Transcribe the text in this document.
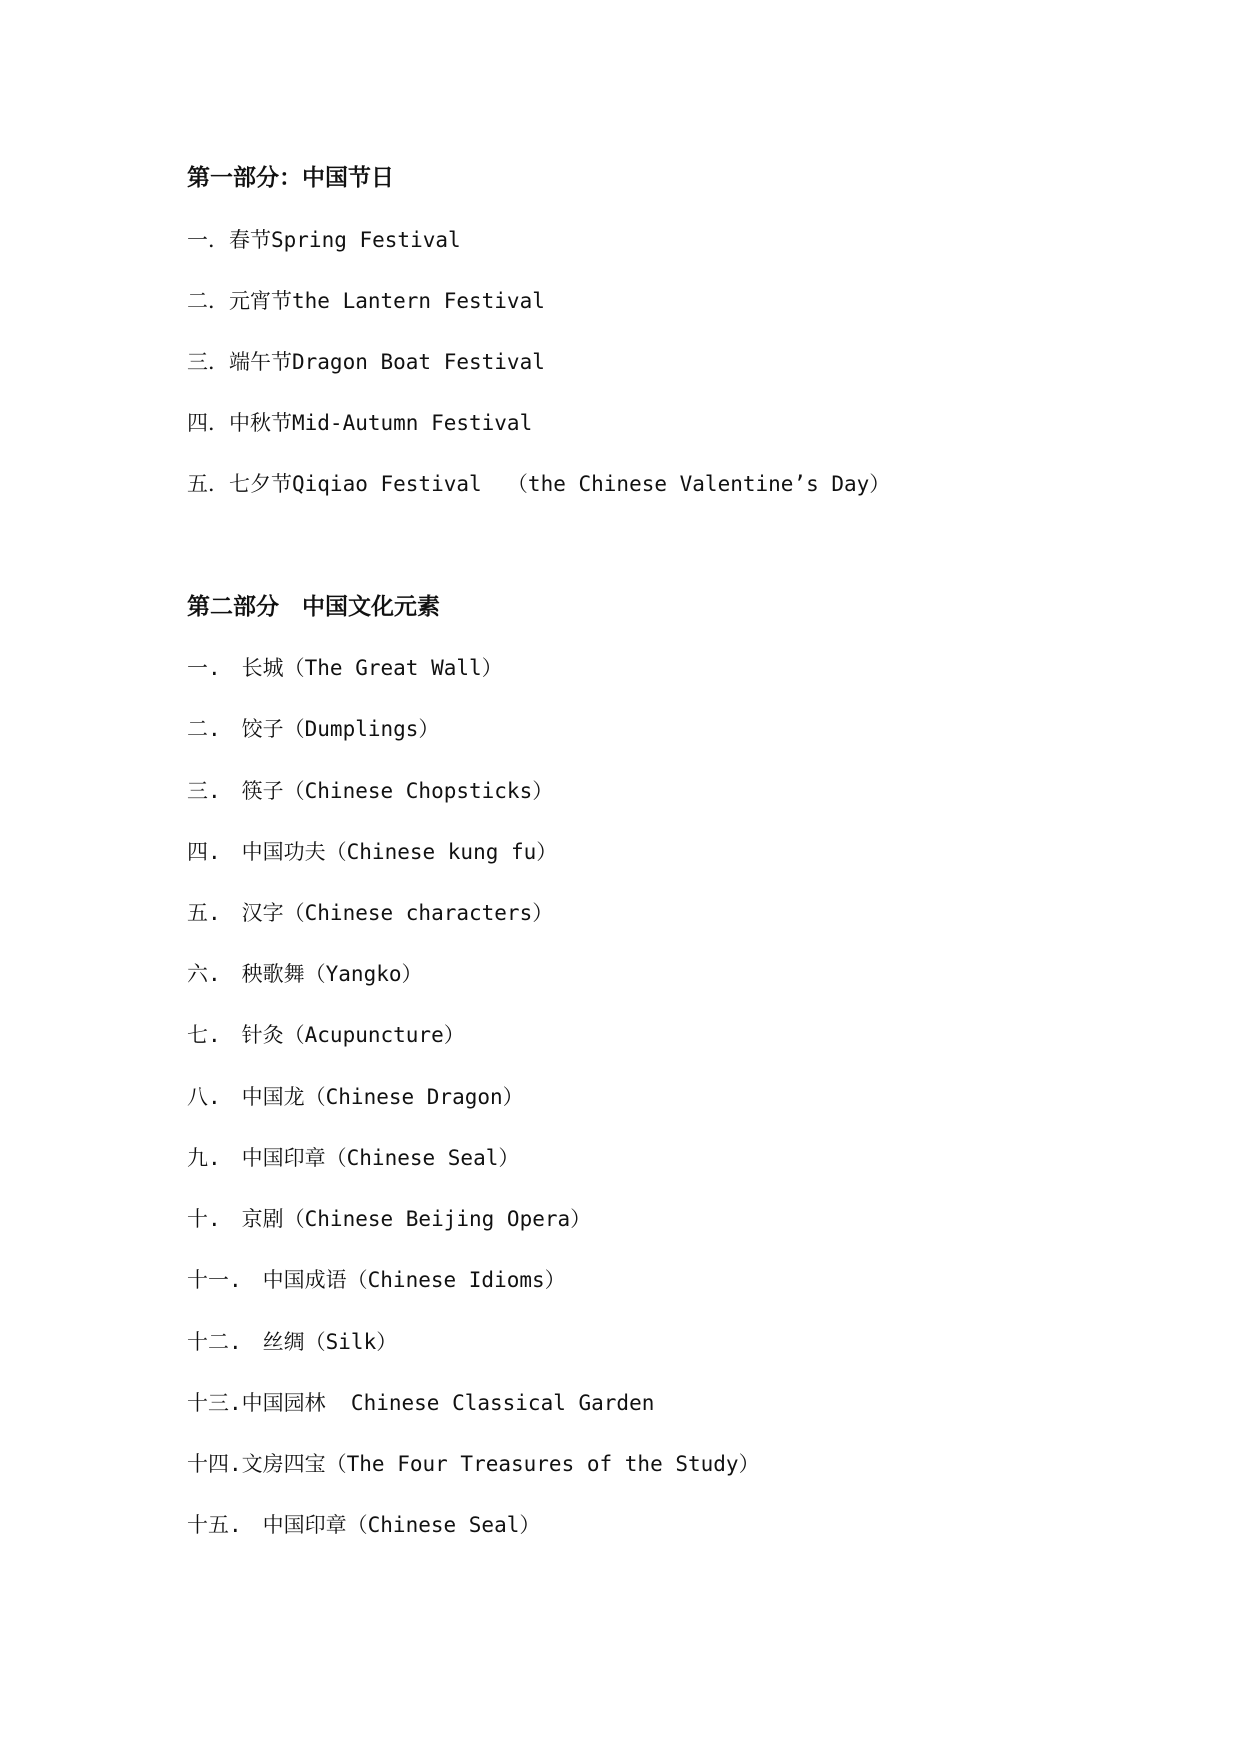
第一部分：中国节日
一．春节Spring Festival
二．元宵节the Lantern Festival
三．端午节Dragon Boat Festival
四．中秋节Mid-Autumn Festival
五．七夕节Qiqiao Festival  （the Chinese Valentine’s Day）
第二部分　中国文化元素
一.　长城（The Great Wall）
二.　饺子（Dumplings）
三.　筷子（Chinese Chopsticks）
四.　中国功夫（Chinese kung fu）
五.　汉字（Chinese characters）
六.　秧歌舞（Yangko）
七.　针灸（Acupuncture）
八.　中国龙（Chinese Dragon）
九.　中国印章（Chinese Seal）
十.　京剧（Chinese Beijing Opera）
十一.　中国成语（Chinese Idioms）
十二.　丝绸（Silk）
十三.中国园林  Chinese Classical Garden
十四.文房四宝（The Four Treasures of the Study）
十五.　中国印章（Chinese Seal）
